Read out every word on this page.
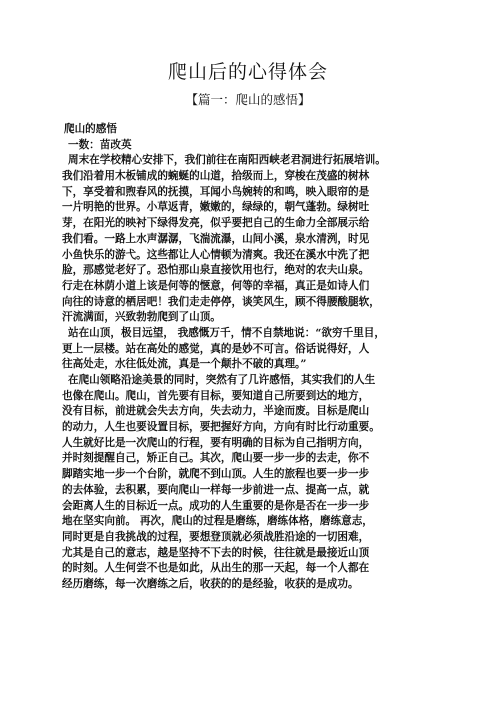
爬山后的心得体会
【篇一：爬山的感悟】
爬山的感悟
一数：苗改英
周末在学校精心安排下，我们前往在南阳西峡老君洞进行拓展培训。
我们沿着用木板铺成的蜿蜒的山道，拾级而上，穿梭在茂盛的树林
下，享受着和煦春风的抚摸，耳闻小鸟婉转的和鸣，映入眼帘的是
一片明艳的世界。小草返青，嫩嫩的，绿绿的，朝气蓬勃。绿树吐
芽，在阳光的映衬下绿得发亮，似乎要把自己的生命力全部展示给
我们看。一路上水声潺潺，飞湍流瀑，山间小溪，泉水清洌，时见
小鱼快乐的游弋。这些都让人心情顿为清爽。我还在溪水中洗了把
脸，那感觉老好了。恐怕那山泉直接饮用也行，绝对的农夫山泉。
行走在林荫小道上该是何等的惬意，何等的幸福，真正是如诗人们
向往的诗意的栖居吧！我们走走停停，谈笑风生，顾不得腰酸腿软，
汗流满面，兴致勃勃爬到了山顶。
站在山顶，极目远望， 我感慨万千，情不自禁地说：“欲穷千里目，
更上一层楼。站在高处的感觉，真的是妙不可言。俗话说得好，人
往高处走，水往低处流，真是一个颠扑不破的真理。”
在爬山领略沿途美景的同时，突然有了几许感悟，其实我们的人生
也像在爬山。爬山，首先要有目标，要知道自己所要到达的地方，
没有目标，前进就会失去方向，失去动力，半途而废。目标是爬山
的动力，人生也要设置目标，要把握好方向，方向有时比行动重要。
人生就好比是一次爬山的行程，要有明确的目标为自己指明方向，
并时刻提醒自己，矫正自己。其次，爬山要一步一步的去走，你不
脚踏实地一步一个台阶，就爬不到山顶。人生的旅程也要一步一步
的去体验，去积累，要向爬山一样每一步前进一点、提高一点，就
会距离人生的目标近一点。成功的人生重要的是你是否在一步一步
地在坚实向前。 再次，爬山的过程是磨练，磨练体格，磨练意志，
同时更是自我挑战的过程，要想登顶就必须战胜沿途的一切困难，
尤其是自己的意志，越是坚持不下去的时候，往往就是最接近山顶
的时刻。人生何尝不也是如此，从出生的那一天起，每一个人都在
经历磨练，每一次磨练之后，收获的的是经验，收获的是成功。
